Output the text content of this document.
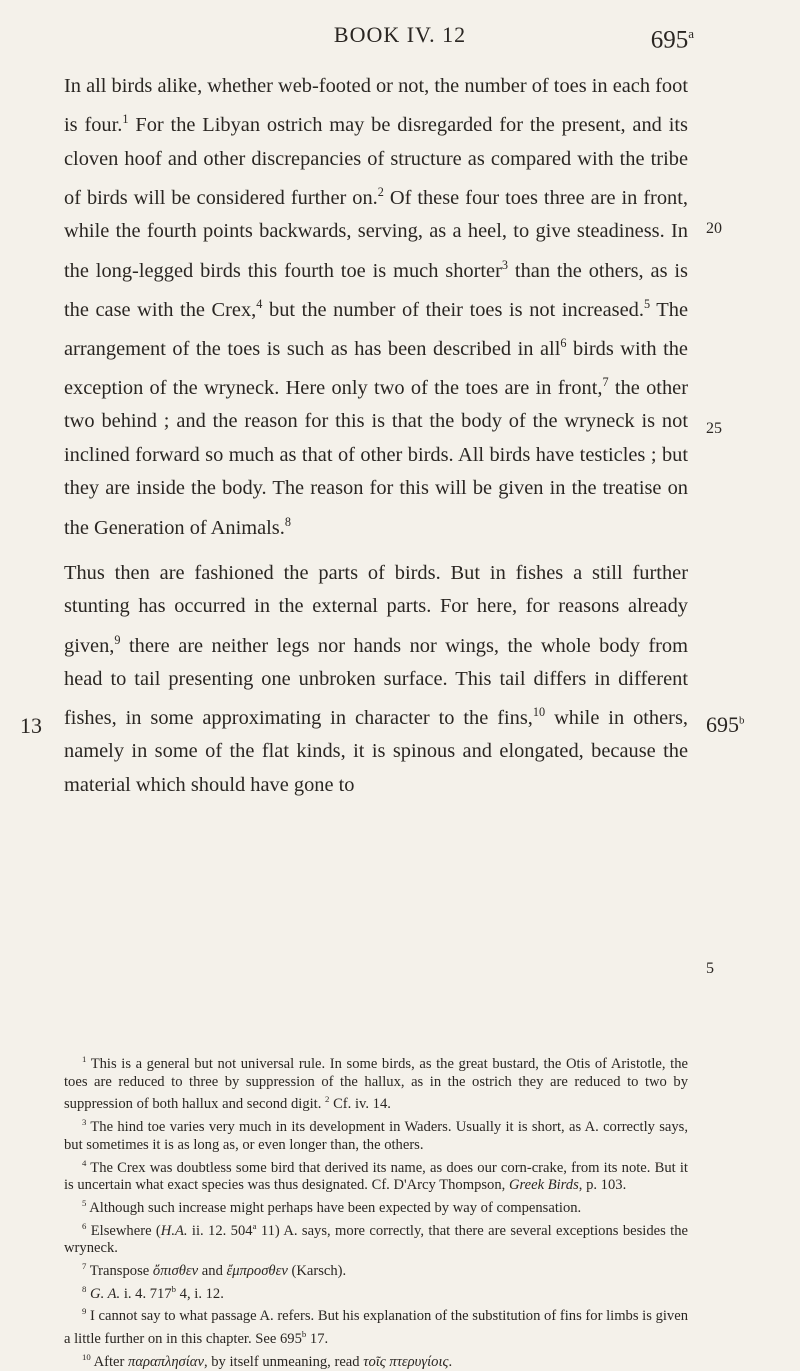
BOOK IV. 12	695$^a$
20
25
5
13	695$^b$

In all birds alike, whether web-footed or not, the number of toes in each foot is four.$^1$ For the Libyan ostrich may be disregarded for the present, and its cloven hoof and other discrepancies of structure as compared with the tribe of birds will be considered further on.$^2$ Of these four toes three are in front, while the fourth points backwards, serving, as a heel, to give steadiness. In the long-legged birds this fourth toe is much shorter$^3$ than the others, as is the case with the Crex,$^4$ but the number of their toes is not increased.$^5$ The arrangement of the toes is such as has been described in all$^6$ birds with the exception of the wryneck. Here only two of the toes are in front,$^7$ the other two behind ; and the reason for this is that the body of the wryneck is not inclined forward so much as that of other birds. All birds have testicles ; but they are inside the body. The reason for this will be given in the treatise on the Generation of Animals.$^8$

Thus then are fashioned the parts of birds. But in fishes a still further stunting has occurred in the external parts. For here, for reasons already given,$^9$ there are neither legs nor hands nor wings, the whole body from head to tail presenting one unbroken surface. This tail differs in different fishes, in some approximating in character to the fins,$^{10}$ while in others, namely in some of the flat kinds, it is spinous and elongated, because the material which should have gone to

$^1$ This is a general but not universal rule. In some birds, as the great bustard, the Otis of Aristotle, the toes are reduced to three by suppression of the hallux, as in the ostrich they are reduced to two by suppression of both hallux and second digit. $^2$ Cf. iv. 14.

$^3$ The hind toe varies very much in its development in Waders. Usually it is short, as A. correctly says, but sometimes it is as long as, or even longer than, the others.

$^4$ The Crex was doubtless some bird that derived its name, as does our corn-crake, from its note. But it is uncertain what exact species was thus designated. Cf. D'Arcy Thompson, Greek Birds, p. 103.

$^5$ Although such increase might perhaps have been expected by way of compensation.

$^6$ Elsewhere (H.A. ii. 12. 504$^a$ 11) A. says, more correctly, that there are several exceptions besides the wryneck.

$^7$ Transpose ὄπισθεν and ἔμπροσθεν (Karsch).

$^8$ G. A. i. 4. 717$^b$ 4, i. 12.

$^9$ I cannot say to what passage A. refers. But his explanation of the substitution of fins for limbs is given a little further on in this chapter. See 695$^b$ 17.

$^{10}$ After παραπλησίαν, by itself unmeaning, read τοῖς πτερυγίοις.
